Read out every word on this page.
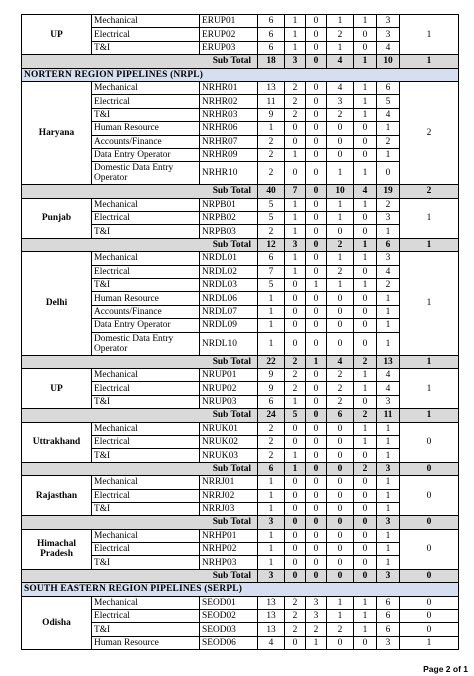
UP	Mechanical	ERUP01	6	1	0	1	1	3	1
	Electrical	ERUP02	6	1	0	2	0	3	
	T&I	ERUP03	6	1	0	1	0	4	
Sub Total			18	3	0	4	1	10	1
NORTERN REGION PIPELINES (NRPL)									
Haryana	Mechanical	NRHR01	13	2	0	4	1	6	2
	Electrical	NRHR02	11	2	0	3	1	5	
	T&I	NRHR03	9	2	0	2	1	4	
	Human Resource	NRHR06	1	0	0	0	0	1	
	Accounts/Finance	NRHR07	2	0	0	0	0	2	
	Data Entry Operator	NRHR09	2	1	0	0	0	1	
	Domestic Data Entry Operator	NRHR10	2	0	0	1	1	0	
Sub Total			40	7	0	10	4	19	2
Punjab	Mechanical	NRPB01	5	1	0	1	1	2	1
	Electrical	NRPB02	5	1	0	1	0	3	
	T&I	NRPB03	2	1	0	0	0	1	
Sub Total			12	3	0	2	1	6	1
Delhi	Mechanical	NRDL01	6	1	0	1	1	3	1
	Electrical	NRDL02	7	1	0	2	0	4	
	T&I	NRDL03	5	0	1	1	1	2	
	Human Resource	NRDL06	1	0	0	0	0	1	
	Accounts/Finance	NRDL07	1	0	0	0	0	1	
	Data Entry Operator	NRDL09	1	0	0	0	0	1	
	Domestic Data Entry Operator	NRDL10	1	0	0	0	0	1	
Sub Total			22	2	1	4	2	13	1
UP	Mechanical	NRUP01	9	2	0	2	1	4	1
	Electrical	NRUP02	9	2	0	2	1	4	
	T&I	NRUP03	6	1	0	2	0	3	
Sub Total			24	5	0	6	2	11	1
Uttrakhand	Mechanical	NRUK01	2	0	0	0	1	1	0
	Electrical	NRUK02	2	0	0	0	1	1	
	T&I	NRUK03	2	1	0	0	0	1	
Sub Total			6	1	0	0	2	3	0
Rajasthan	Mechanical	NRRJ01	1	0	0	0	0	1	0
	Electrical	NRRJ02	1	0	0	0	0	1	
	T&I	NRRJ03	1	0	0	0	0	1	
Sub Total			3	0	0	0	0	3	0
Himachal Pradesh	Mechanical	NRHP01	1	0	0	0	0	1	0
	Electrical	NRHP02	1	0	0	0	0	1	
	T&I	NRHP03	1	0	0	0	0	1	
Sub Total			3	0	0	0	0	3	0
SOUTH EASTERN REGION PIPELINES (SERPL)									
Odisha	Mechanical	SEOD01	13	2	3	1	1	6	0
	Electrical	SEOD02	13	2	3	1	1	6	0
	T&I	SEOD03	13	2	2	2	1	6	0
	Human Resource	SEOD06	4	0	1	0	0	3	1
Page 2 of 1
